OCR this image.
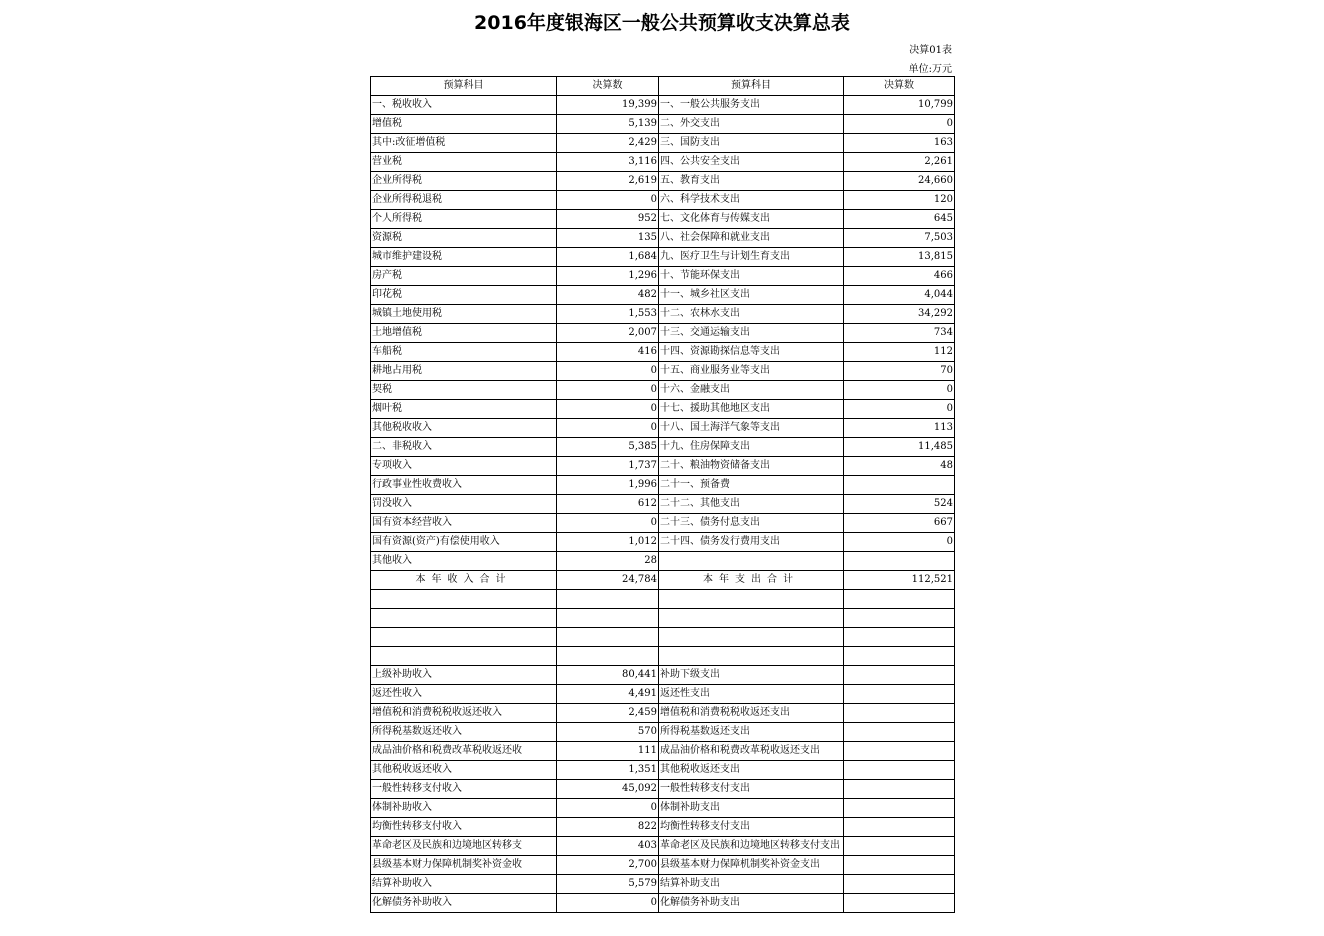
2016年度银海区一般公共预算收支决算总表
决算01表
单位:万元
预算科目	决算数	预算科目	决算数
一、税收收入	19,399	一、一般公共服务支出	10,799
增值税	5,139	二、外交支出	0
其中:改征增值税	2,429	三、国防支出	163
营业税	3,116	四、公共安全支出	2,261
企业所得税	2,619	五、教育支出	24,660
企业所得税退税	0	六、科学技术支出	120
个人所得税	952	七、文化体育与传媒支出	645
资源税	135	八、社会保障和就业支出	7,503
城市维护建设税	1,684	九、医疗卫生与计划生育支出	13,815
房产税	1,296	十、节能环保支出	466
印花税	482	十一、城乡社区支出	4,044
城镇土地使用税	1,553	十二、农林水支出	34,292
土地增值税	2,007	十三、交通运输支出	734
车船税	416	十四、资源勘探信息等支出	112
耕地占用税	0	十五、商业服务业等支出	70
契税	0	十六、金融支出	0
烟叶税	0	十七、援助其他地区支出	0
其他税收收入	0	十八、国土海洋气象等支出	113
二、非税收入	5,385	十九、住房保障支出	11,485
专项收入	1,737	二十、粮油物资储备支出	48
行政事业性收费收入	1,996	二十一、预备费	
罚没收入	612	二十二、其他支出	524
国有资本经营收入	0	二十三、债务付息支出	667
国有资源(资产)有偿使用收入	1,012	二十四、债务发行费用支出	0
其他收入	28		
本年收入合计	24,784	本年支出合计	112,521

上级补助收入	80,441	补助下级支出	
返还性收入	4,491	返还性支出	
增值税和消费税税收返还收入	2,459	增值税和消费税税收返还支出	
所得税基数返还收入	570	所得税基数返还支出	
成品油价格和税费改革税收返还收	111	成品油价格和税费改革税收返还支出	
其他税收返还收入	1,351	其他税收返还支出	
一般性转移支付收入	45,092	一般性转移支付支出	
体制补助收入	0	体制补助支出	
均衡性转移支付收入	822	均衡性转移支付支出	
革命老区及民族和边境地区转移支	403	革命老区及民族和边境地区转移支付支出	
县级基本财力保障机制奖补资金收	2,700	县级基本财力保障机制奖补资金支出	
结算补助收入	5,579	结算补助支出	
化解债务补助收入	0	化解债务补助支出	
